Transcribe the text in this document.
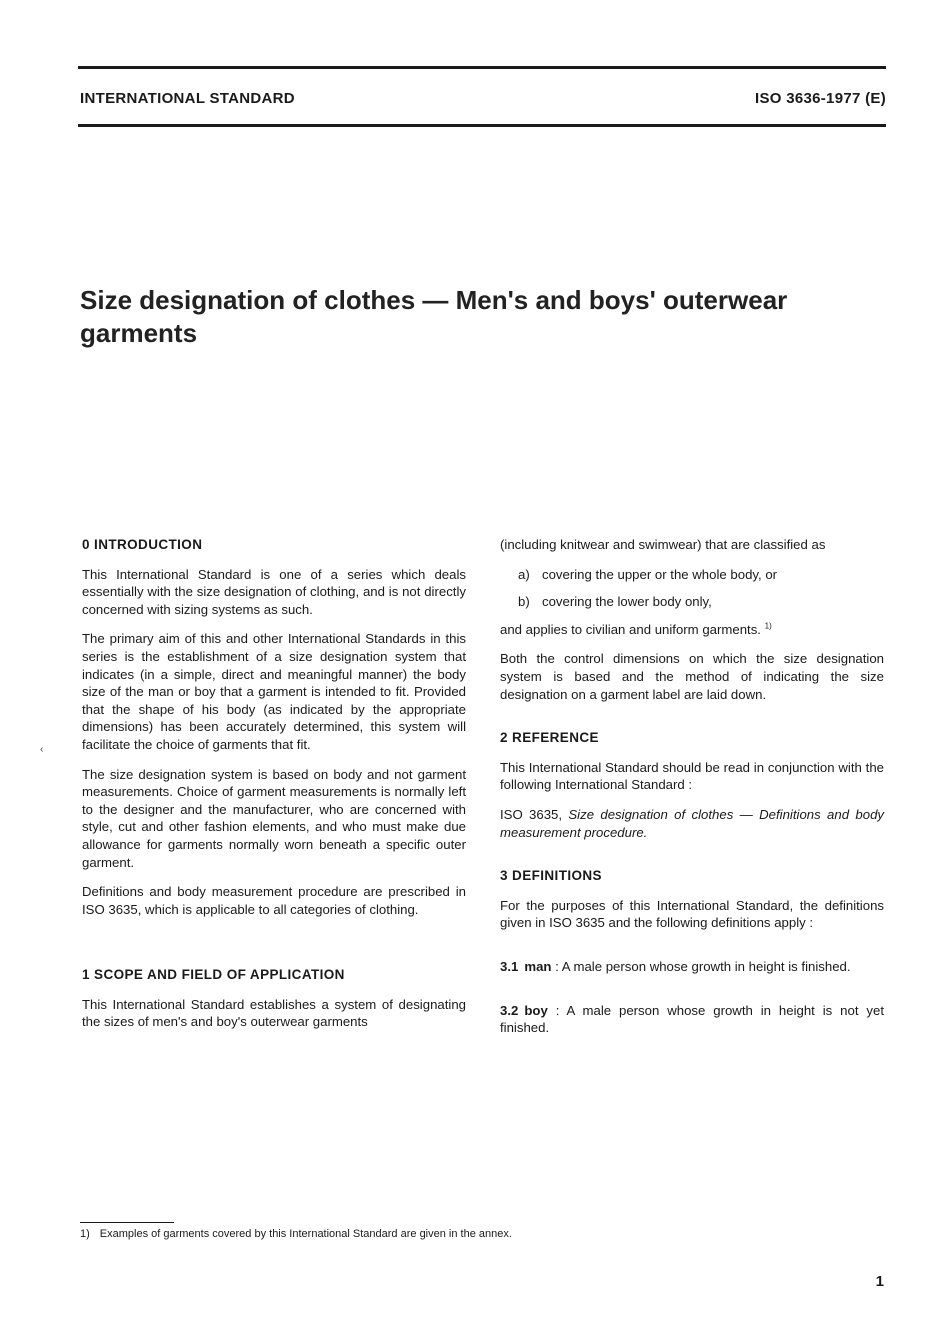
INTERNATIONAL STANDARD	ISO 3636-1977 (E)
Size designation of clothes — Men's and boys' outerwear garments
‹
0 INTRODUCTION

This International Standard is one of a series which deals essentially with the size designation of clothing, and is not directly concerned with sizing systems as such.

The primary aim of this and other International Standards in this series is the establishment of a size designation system that indicates (in a simple, direct and meaningful manner) the body size of the man or boy that a garment is intended to fit. Provided that the shape of his body (as indicated by the appropriate dimensions) has been accurately determined, this system will facilitate the choice of garments that fit.

The size designation system is based on body and not garment measurements. Choice of garment measurements is normally left to the designer and the manufacturer, who are concerned with style, cut and other fashion elements, and who must make due allowance for garments normally worn beneath a specific outer garment.

Definitions and body measurement procedure are prescribed in ISO 3635, which is applicable to all categories of clothing.

1 SCOPE AND FIELD OF APPLICATION

This International Standard establishes a system of designating the sizes of men's and boy's outerwear garments

(including knitwear and swimwear) that are classified as

a) covering the upper or the whole body, or
b) covering the lower body only,

and applies to civilian and uniform garments. $^{1)}$

Both the control dimensions on which the size designation system is based and the method of indicating the size designation on a garment label are laid down.

2 REFERENCE

This International Standard should be read in conjunction with the following International Standard :

ISO 3635, Size designation of clothes — Definitions and body measurement procedure.

3 DEFINITIONS

For the purposes of this International Standard, the definitions given in ISO 3635 and the following definitions apply :

3.1 man : A male person whose growth in height is finished.

3.2 boy : A male person whose growth in height is not yet finished.

1) Examples of garments covered by this International Standard are given in the annex.
1
